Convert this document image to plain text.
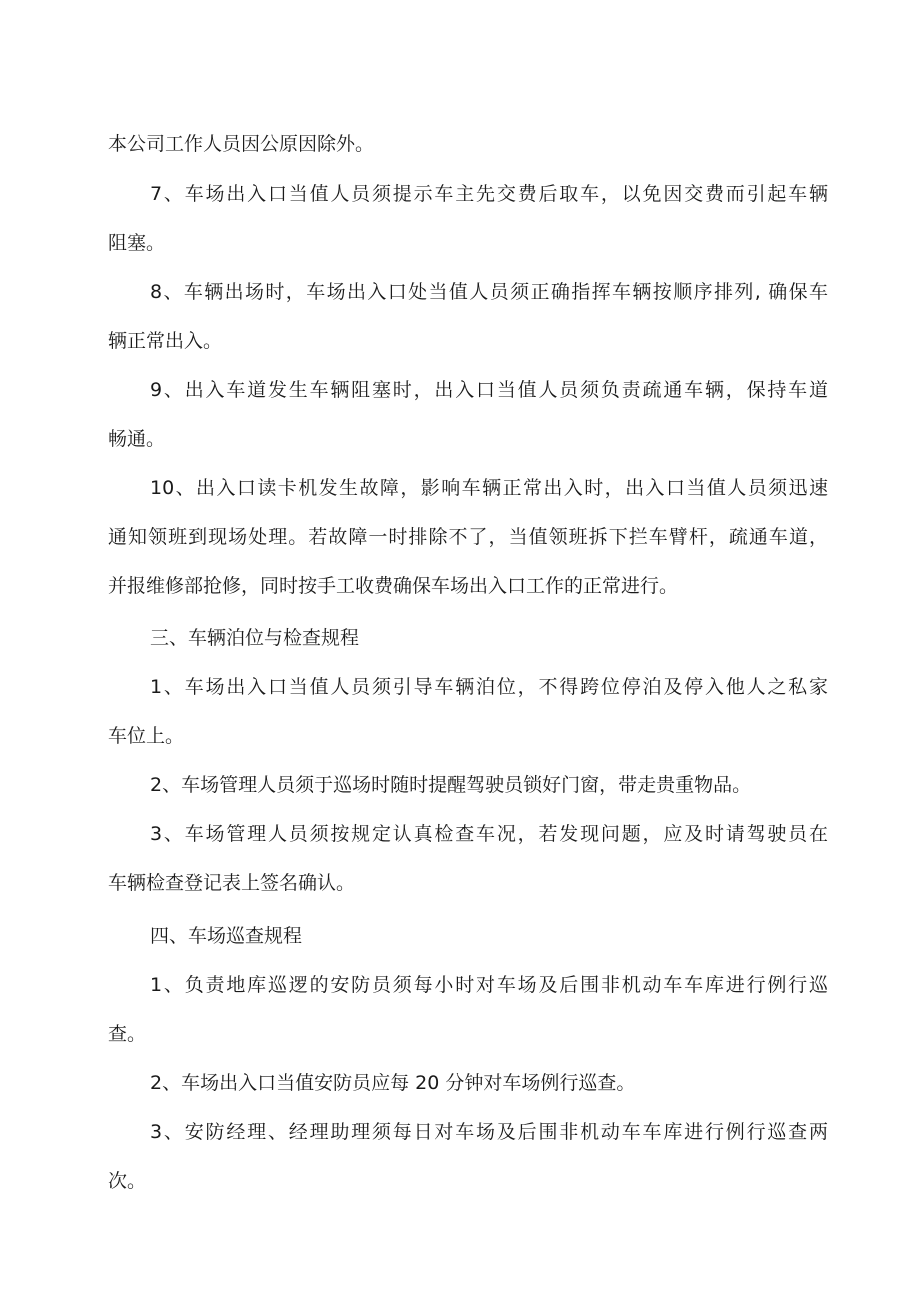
本公司工作人员因公原因除外。
7、车场出入口当值人员须提示车主先交费后取车，以免因交费而引起车辆
阻塞。
8、车辆出场时，车场出入口处当值人员须正确指挥车辆按顺序排列, 确保车
辆正常出入。
9、出入车道发生车辆阻塞时，出入口当值人员须负责疏通车辆，保持车道
畅通。
10、出入口读卡机发生故障，影响车辆正常出入时，出入口当值人员须迅速
通知领班到现场处理。若故障一时排除不了，当值领班拆下拦车臂杆，疏通车道，
并报维修部抢修，同时按手工收费确保车场出入口工作的正常进行。
三、车辆泊位与检查规程
1、车场出入口当值人员须引导车辆泊位，不得跨位停泊及停入他人之私家
车位上。
2、车场管理人员须于巡场时随时提醒驾驶员锁好门窗，带走贵重物品。
3、车场管理人员须按规定认真检查车况，若发现问题，应及时请驾驶员在
车辆检查登记表上签名确认。
四、车场巡查规程
1、负责地库巡逻的安防员须每小时对车场及后围非机动车车库进行例行巡
查。
2、车场出入口当值安防员应每 20 分钟对车场例行巡查。
3、安防经理、经理助理须每日对车场及后围非机动车车库进行例行巡查两
次。
